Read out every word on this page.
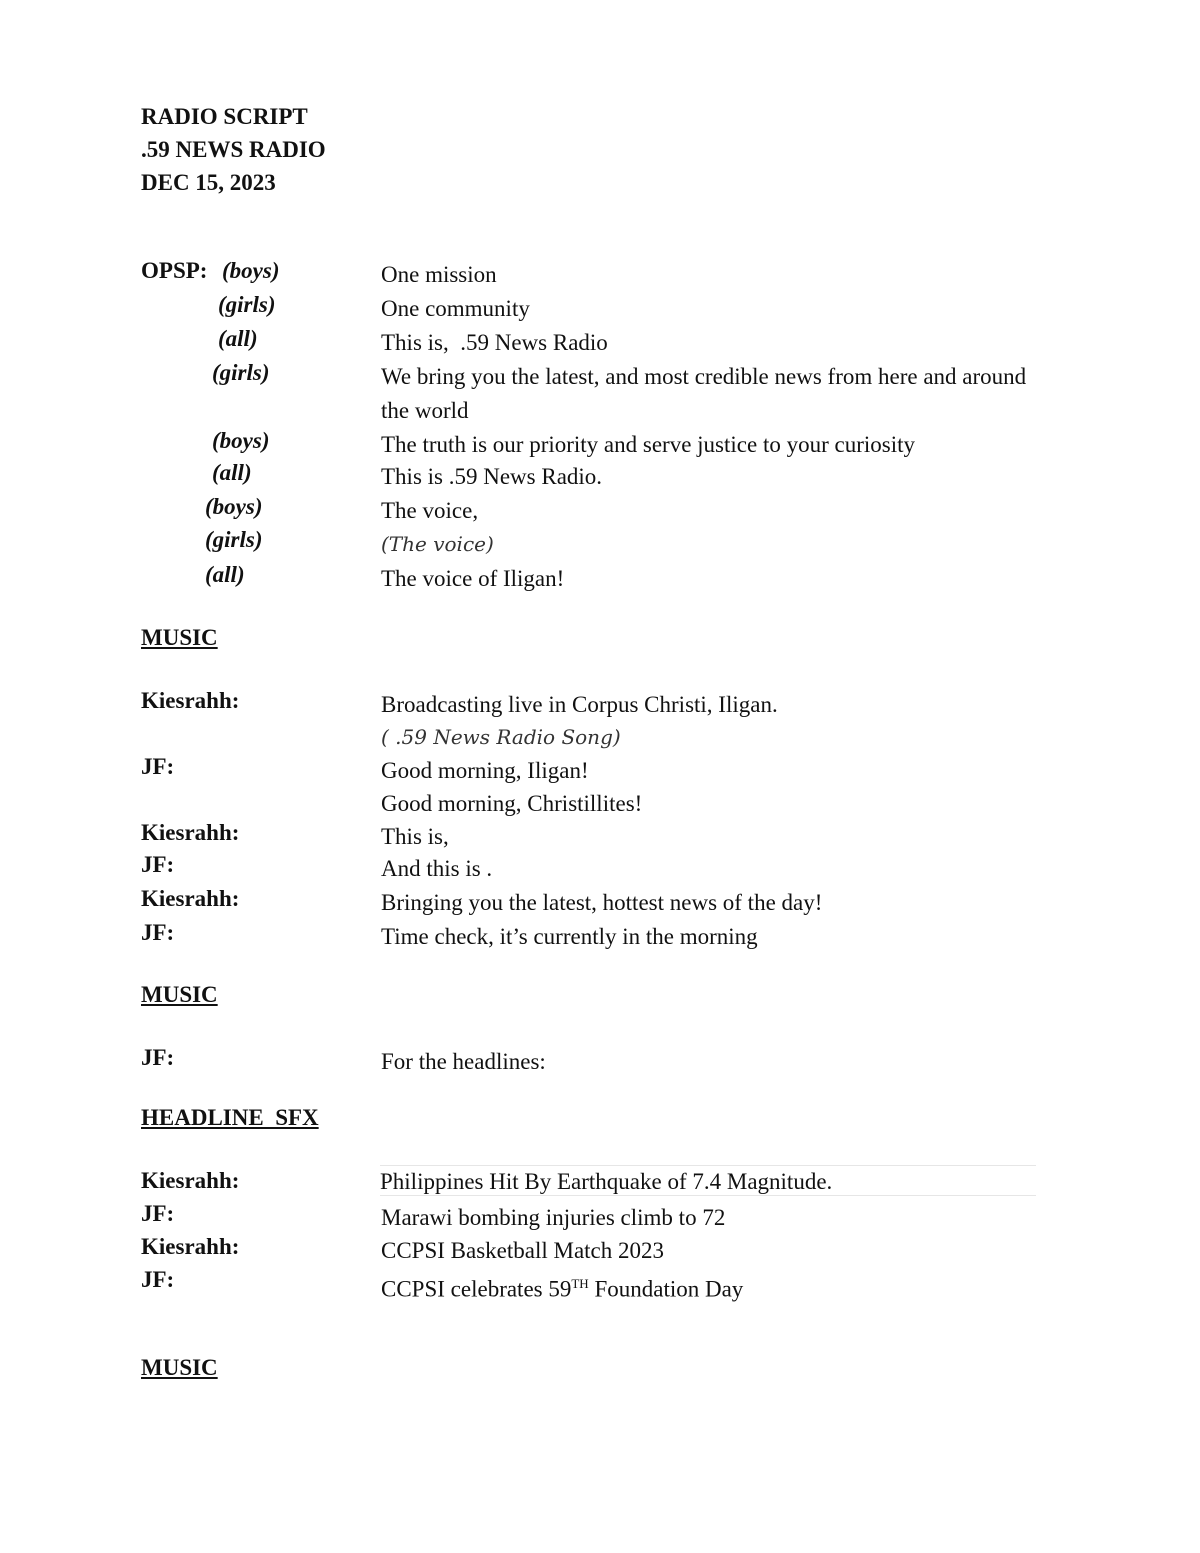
RADIO SCRIPT
.59 NEWS RADIO
DEC 15, 2023
OPSP: (boys)	One mission
(girls)	One community
(all)	This is,  .59 News Radio
(girls)	We bring you the latest, and most credible news from here and around the world
(boys)	The truth is our priority and serve justice to your curiosity
(all)	This is .59 News Radio.
(boys)	The voice,
(girls)	(The voice)
(all)	The voice of Iligan!
MUSIC
Kiesrahh:	Broadcasting live in Corpus Christi, Iligan.
( .59 News Radio Song)
JF:	Good morning, Iligan!
Good morning, Christillites!
Kiesrahh:	This is,
JF:	And this is .
Kiesrahh:	Bringing you the latest, hottest news of the day!
JF:	Time check, it’s currently in the morning
MUSIC
JF:	For the headlines:
HEADLINE  SFX
Kiesrahh:	Philippines Hit By Earthquake of 7.4 Magnitude.
JF:	Marawi bombing injuries climb to 72
Kiesrahh:	CCPSI Basketball Match 2023
JF:	CCPSI celebrates 59TH Foundation Day
MUSIC
